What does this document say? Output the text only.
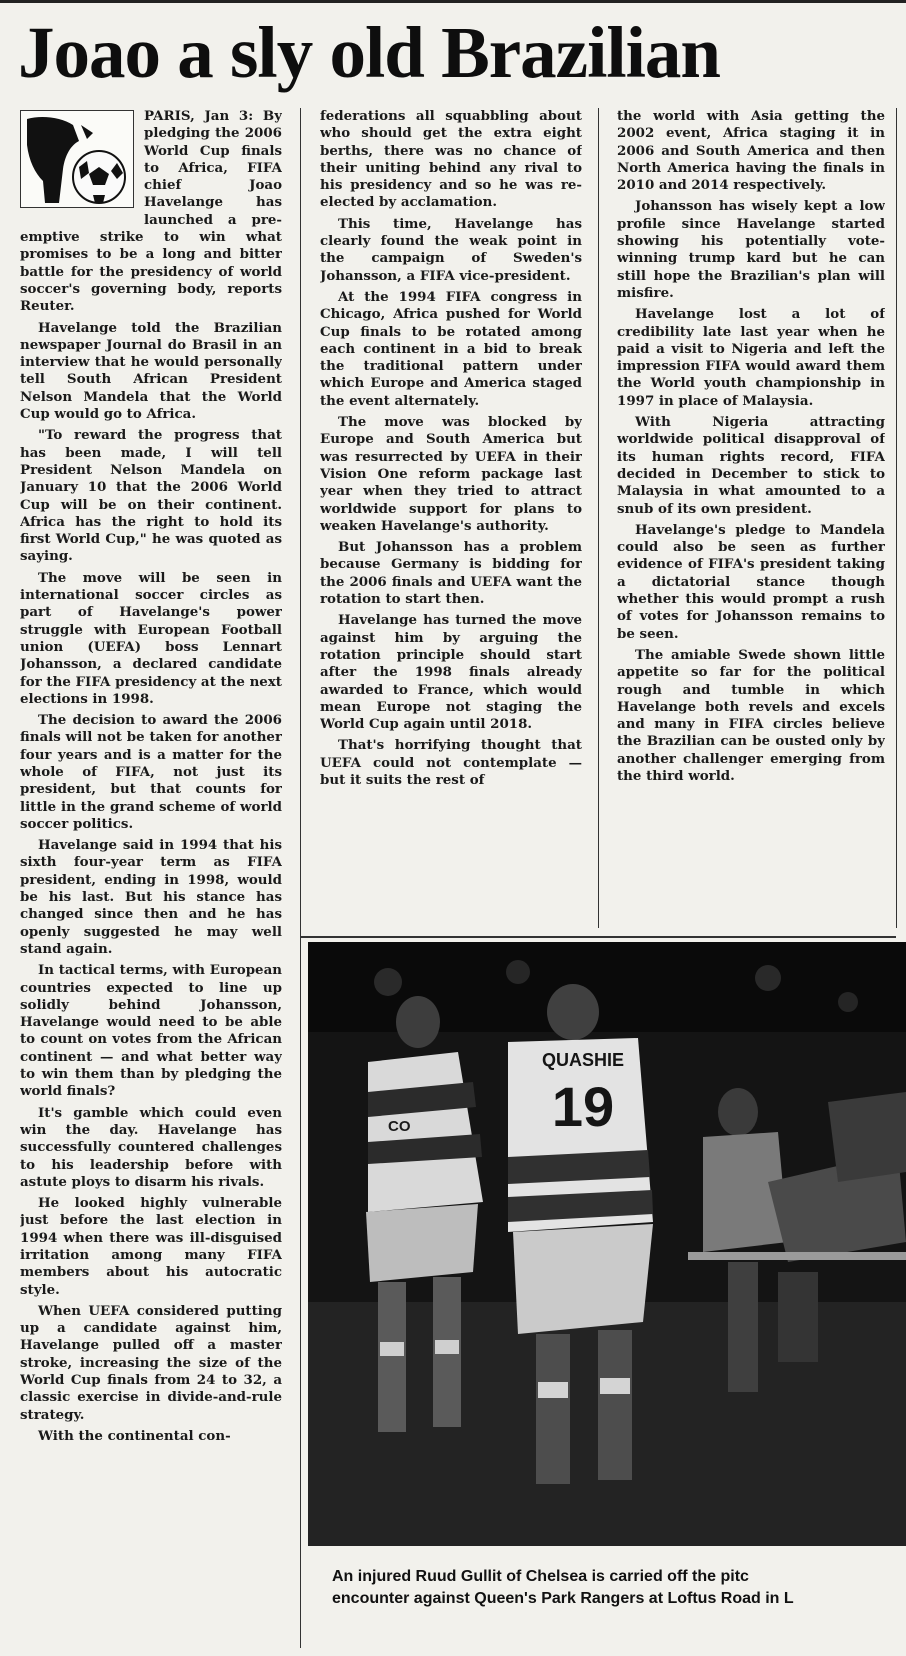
Joao a sly old Brazilian

PARIS, Jan 3: By pledging the 2006 World Cup finals to Africa, FIFA chief Joao Havelange has launched a pre-emptive strike to win what promises to be a long and bitter battle for the presidency of world soccer's governing body, reports Reuter.

Havelange told the Brazilian newspaper Journal do Brasil in an interview that he would personally tell South African President Nelson Mandela that the World Cup would go to Africa.

"To reward the progress that has been made, I will tell President Nelson Mandela on January 10 that the 2006 World Cup will be on their continent. Africa has the right to hold its first World Cup," he was quoted as saying.

The move will be seen in international soccer circles as part of Havelange's power struggle with European Football union (UEFA) boss Lennart Johansson, a declared candidate for the FIFA presidency at the next elections in 1998.

The decision to award the 2006 finals will not be taken for another four years and is a matter for the whole of FIFA, not just its president, but that counts for little in the grand scheme of world soccer politics.

Havelange said in 1994 that his sixth four-year term as FIFA president, ending in 1998, would be his last. But his stance has changed since then and he has openly suggested he may well stand again.

In tactical terms, with European countries expected to line up solidly behind Johansson, Havelange would need to be able to count on votes from the African continent — and what better way to win them than by pledging the world finals?

It's gamble which could even win the day. Havelange has successfully countered challenges to his leadership before with astute ploys to disarm his rivals.

He looked highly vulnerable just before the last election in 1994 when there was ill-disguised irritation among many FIFA members about his autocratic style.

When UEFA considered putting up a candidate against him, Havelange pulled off a master stroke, increasing the size of the World Cup finals from 24 to 32, a classic exercise in divide-and-rule strategy.

With the continental con-

federations all squabbling about who should get the extra eight berths, there was no chance of their uniting behind any rival to his presidency and so he was re-elected by acclamation.

This time, Havelange has clearly found the weak point in the campaign of Sweden's Johansson, a FIFA vice-president.

At the 1994 FIFA congress in Chicago, Africa pushed for World Cup finals to be rotated among each continent in a bid to break the traditional pattern under which Europe and America staged the event alternately.

The move was blocked by Europe and South America but was resurrected by UEFA in their Vision One reform package last year when they tried to attract worldwide support for plans to weaken Havelange's authority.

But Johansson has a problem because Germany is bidding for the 2006 finals and UEFA want the rotation to start then.

Havelange has turned the move against him by arguing the rotation principle should start after the 1998 finals already awarded to France, which would mean Europe not staging the World Cup again until 2018.

That's horrifying thought that UEFA could not contemplate — but it suits the rest of

the world with Asia getting the 2002 event, Africa staging it in 2006 and South America and then North America having the finals in 2010 and 2014 respectively.

Johansson has wisely kept a low profile since Havelange started showing his potentially vote-winning trump kard but he can still hope the Brazilian's plan will misfire.

Havelange lost a lot of credibility late last year when he paid a visit to Nigeria and left the impression FIFA would award them the World youth championship in 1997 in place of Malaysia.

With Nigeria attracting worldwide political disapproval of its human rights record, FIFA decided in December to stick to Malaysia in what amounted to a snub of its own president.

Havelange's pledge to Mandela could also be seen as further evidence of FIFA's president taking a dictatorial stance though whether this would prompt a rush of votes for Johansson remains to be seen.

The amiable Swede shown little appetite so far for the political rough and tumble in which Havelange both revels and excels and many in FIFA circles believe the Brazilian can be ousted only by another challenger emerging from the third world.

QUASHIE
19
CO
An injured Ruud Gullit of Chelsea is carried off the pitc
encounter against Queen's Park Rangers at Loftus Road in L
